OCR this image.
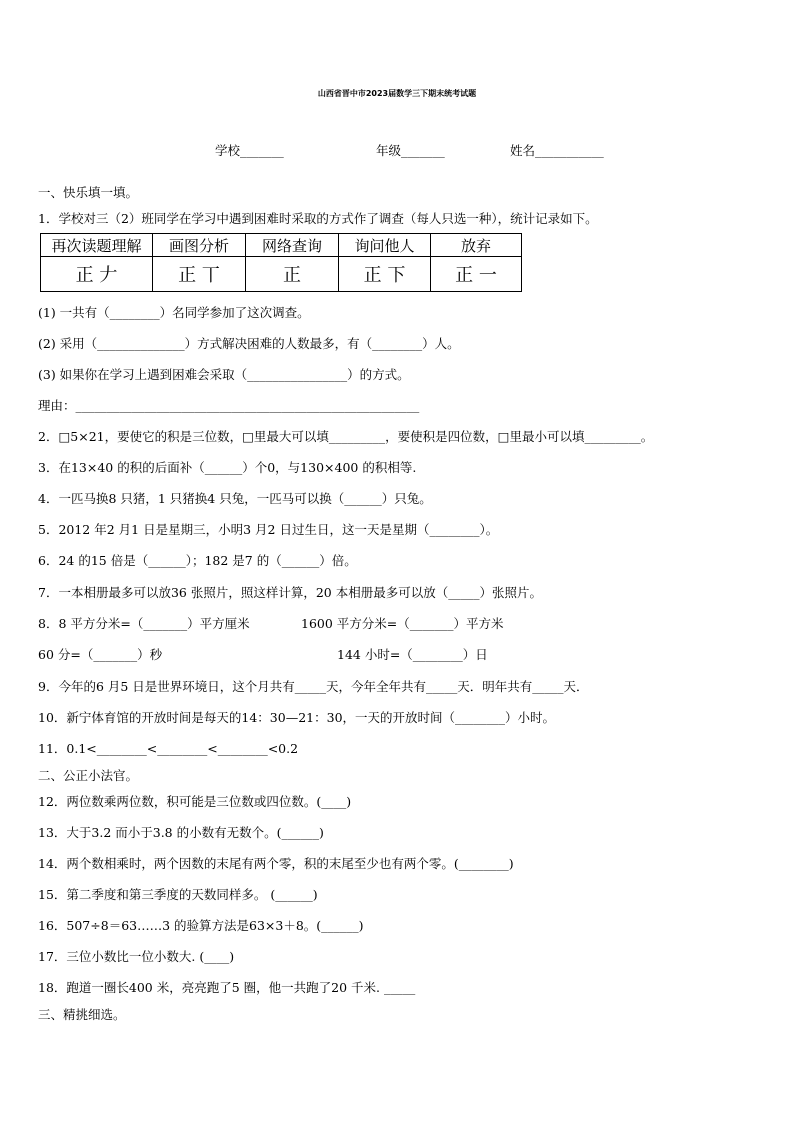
山西省晋中市2023届数学三下期末统考试题
学校_______	年级_______	姓名___________
一、快乐填一填。
1．学校对三（2）班同学在学习中遇到困难时采取的方式作了调查（每人只选一种），统计记录如下。
再次读题理解	画图分析	网络查询	询问他人	放弃
正 𠂇	正 丅	正	正 下	正 一
(1) 一共有（________）名同学参加了这次调查。
(2) 采用（______________）方式解决困难的人数最多，有（________）人。
(3) 如果你在学习上遇到困难会采取（________________）的方式。
理由：_______________________________________________________
2．□5×21，要使它的积是三位数，□里最大可以填_________，要使积是四位数，□里最小可以填_________。
3．在13×40 的积的后面补（______）个0，与130×400 的积相等.
4．一匹马换8 只猪，1 只猪换4 只兔，一匹马可以换（______）只兔。
5．2012 年2 月1 日是星期三，小明3 月2 日过生日，这一天是星期（________）。
6．24 的15 倍是（______）；182 是7 的（______）倍。
7．一本相册最多可以放36 张照片，照这样计算，20 本相册最多可以放（_____）张照片。
8．8 平方分米=（_______）平方厘米	1600 平方分米=（_______）平方米
60 分=（_______）秒	144 小时=（________）日
9．今年的6 月5 日是世界环境日，这个月共有_____天，今年全年共有_____天．明年共有_____天．
10．新宁体育馆的开放时间是每天的14：30—21：30，一天的开放时间（________）小时。
11．0.1<________<________<________<0.2
二、公正小法官。
12．两位数乘两位数，积可能是三位数或四位数。(____)
13．大于3.2 而小于3.8 的小数有无数个。(______)
14．两个数相乘时，两个因数的末尾有两个零，积的末尾至少也有两个零。(________)
15．第二季度和第三季度的天数同样多。 (______)
16．507÷8＝63……3 的验算方法是63×3＋8。(______)
17．三位小数比一位小数大. (____)
18．跑道一圈长400 米，亮亮跑了5 圈，他一共跑了20 千米. _____
三、精挑细选。
